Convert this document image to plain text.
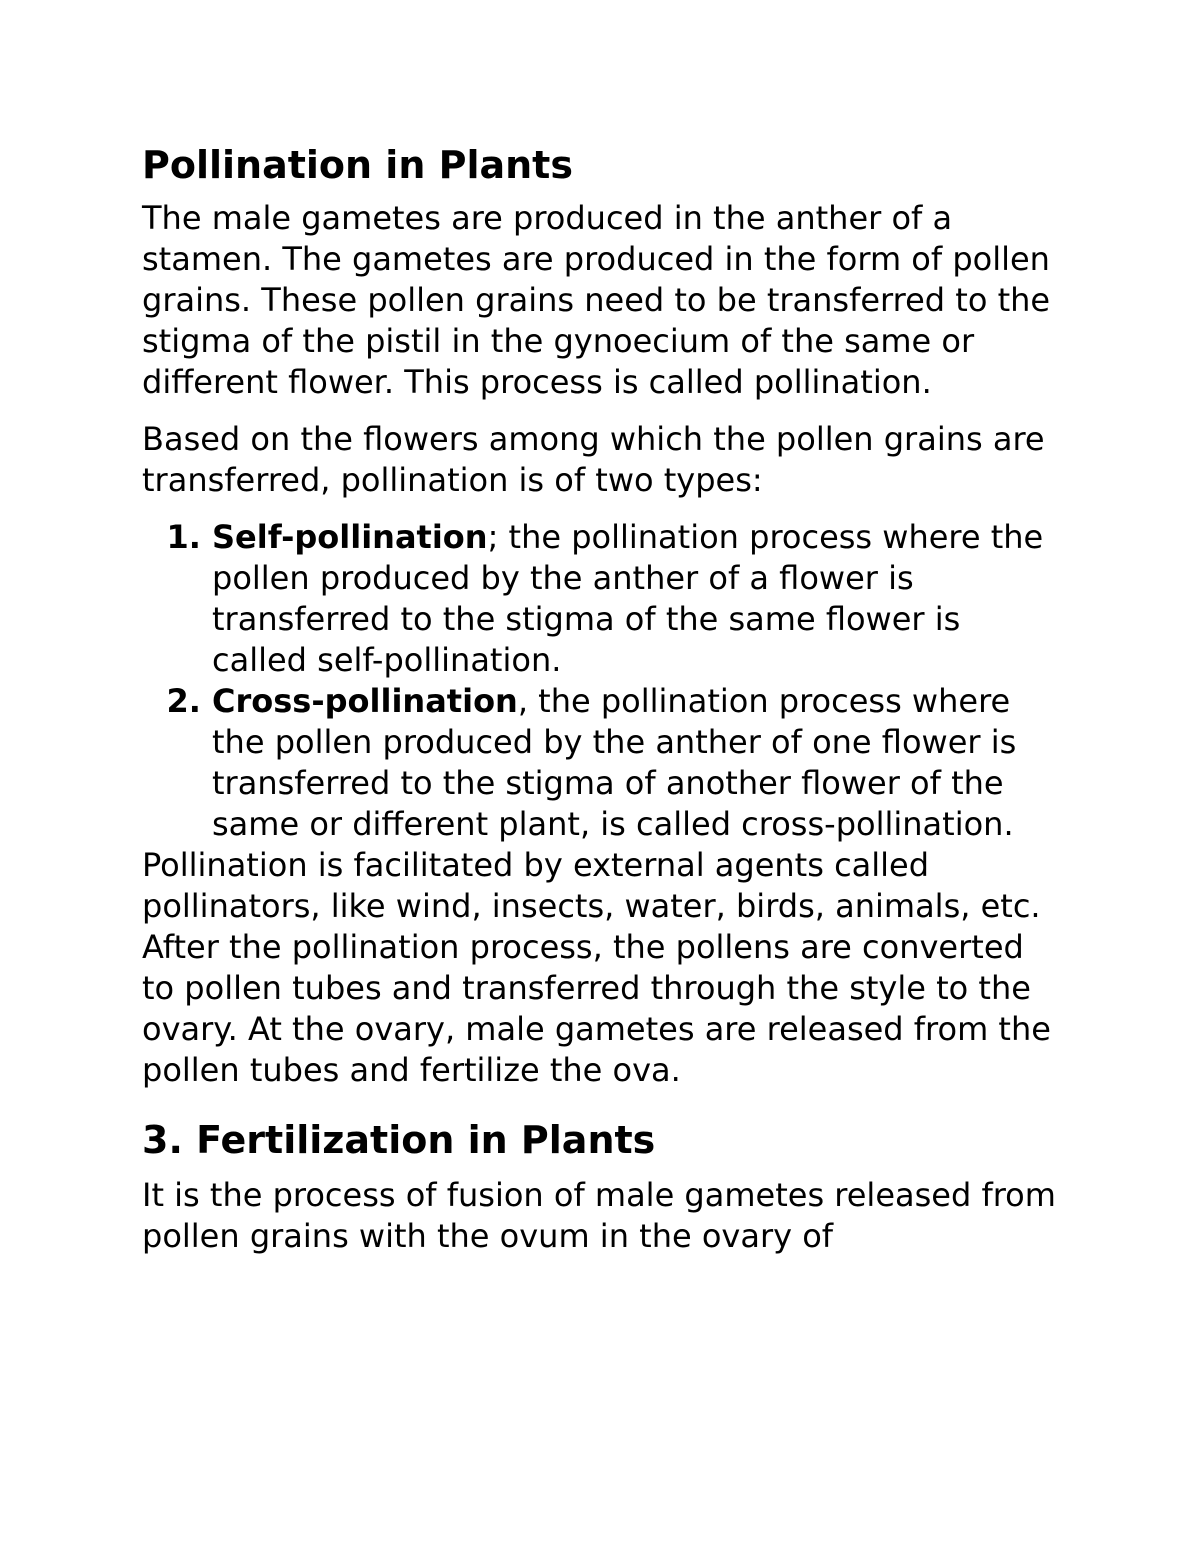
Pollination in Plants

The male gametes are produced in the anther of a stamen. The gametes are produced in the form of pollen grains. These pollen grains need to be transferred to the stigma of the pistil in the gynoecium of the same or different flower. This process is called pollination.

Based on the flowers among which the pollen grains are transferred, pollination is of two types:

1. Self-pollination; the pollination process where the pollen produced by the anther of a flower is transferred to the stigma of the same flower is called self-pollination.
2. Cross-pollination, the pollination process where the pollen produced by the anther of one flower is transferred to the stigma of another flower of the same or different plant, is called cross-pollination.

Pollination is facilitated by external agents called pollinators, like wind, insects, water, birds, animals, etc. After the pollination process, the pollens are converted to pollen tubes and transferred through the style to the ovary. At the ovary, male gametes are released from the pollen tubes and fertilize the ova.

3. Fertilization in Plants

It is the process of fusion of male gametes released from pollen grains with the ovum in the ovary of
